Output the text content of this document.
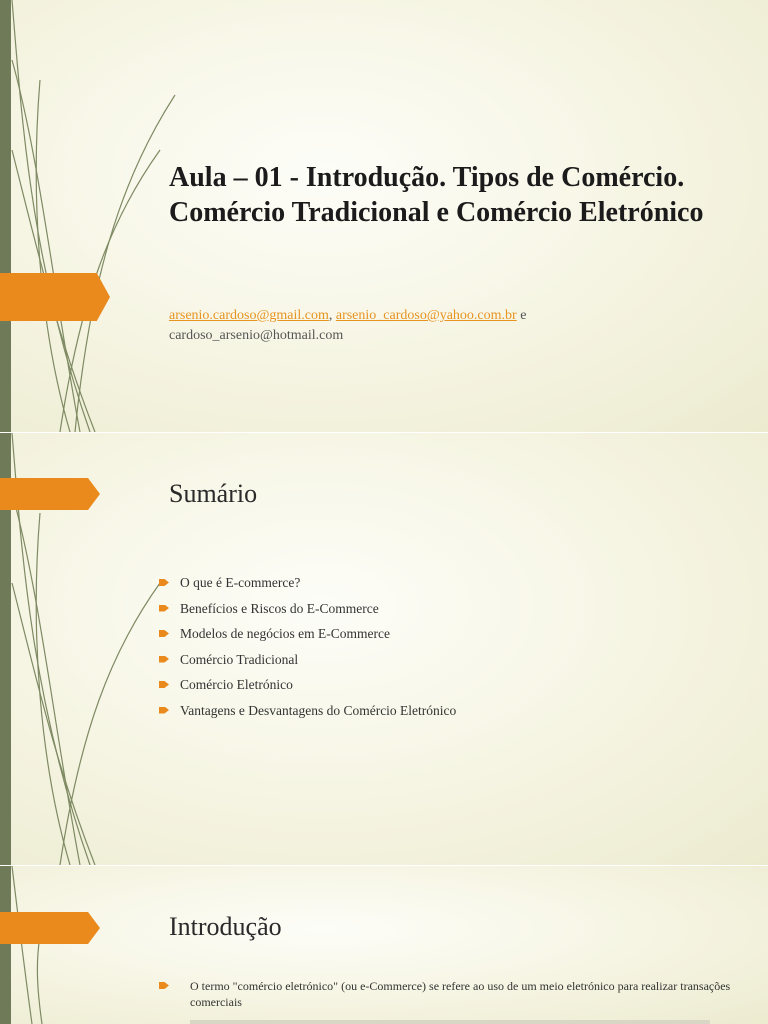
Aula – 01 - Introdução. Tipos de Comércio. Comércio Tradicional e Comércio Eletrónico
arsenio.cardoso@gmail.com, arsenio_cardoso@yahoo.com.br e
cardoso_arsenio@hotmail.com
Sumário
O que é E-commerce?
Benefícios e Riscos do E-Commerce
Modelos de negócios em E-Commerce
Comércio Tradicional
Comércio Eletrónico
Vantagens e Desvantagens do Comércio Eletrónico
Introdução
O termo "comércio eletrónico" (ou e-Commerce) se refere ao uso de um meio eletrónico para realizar transações comerciais
